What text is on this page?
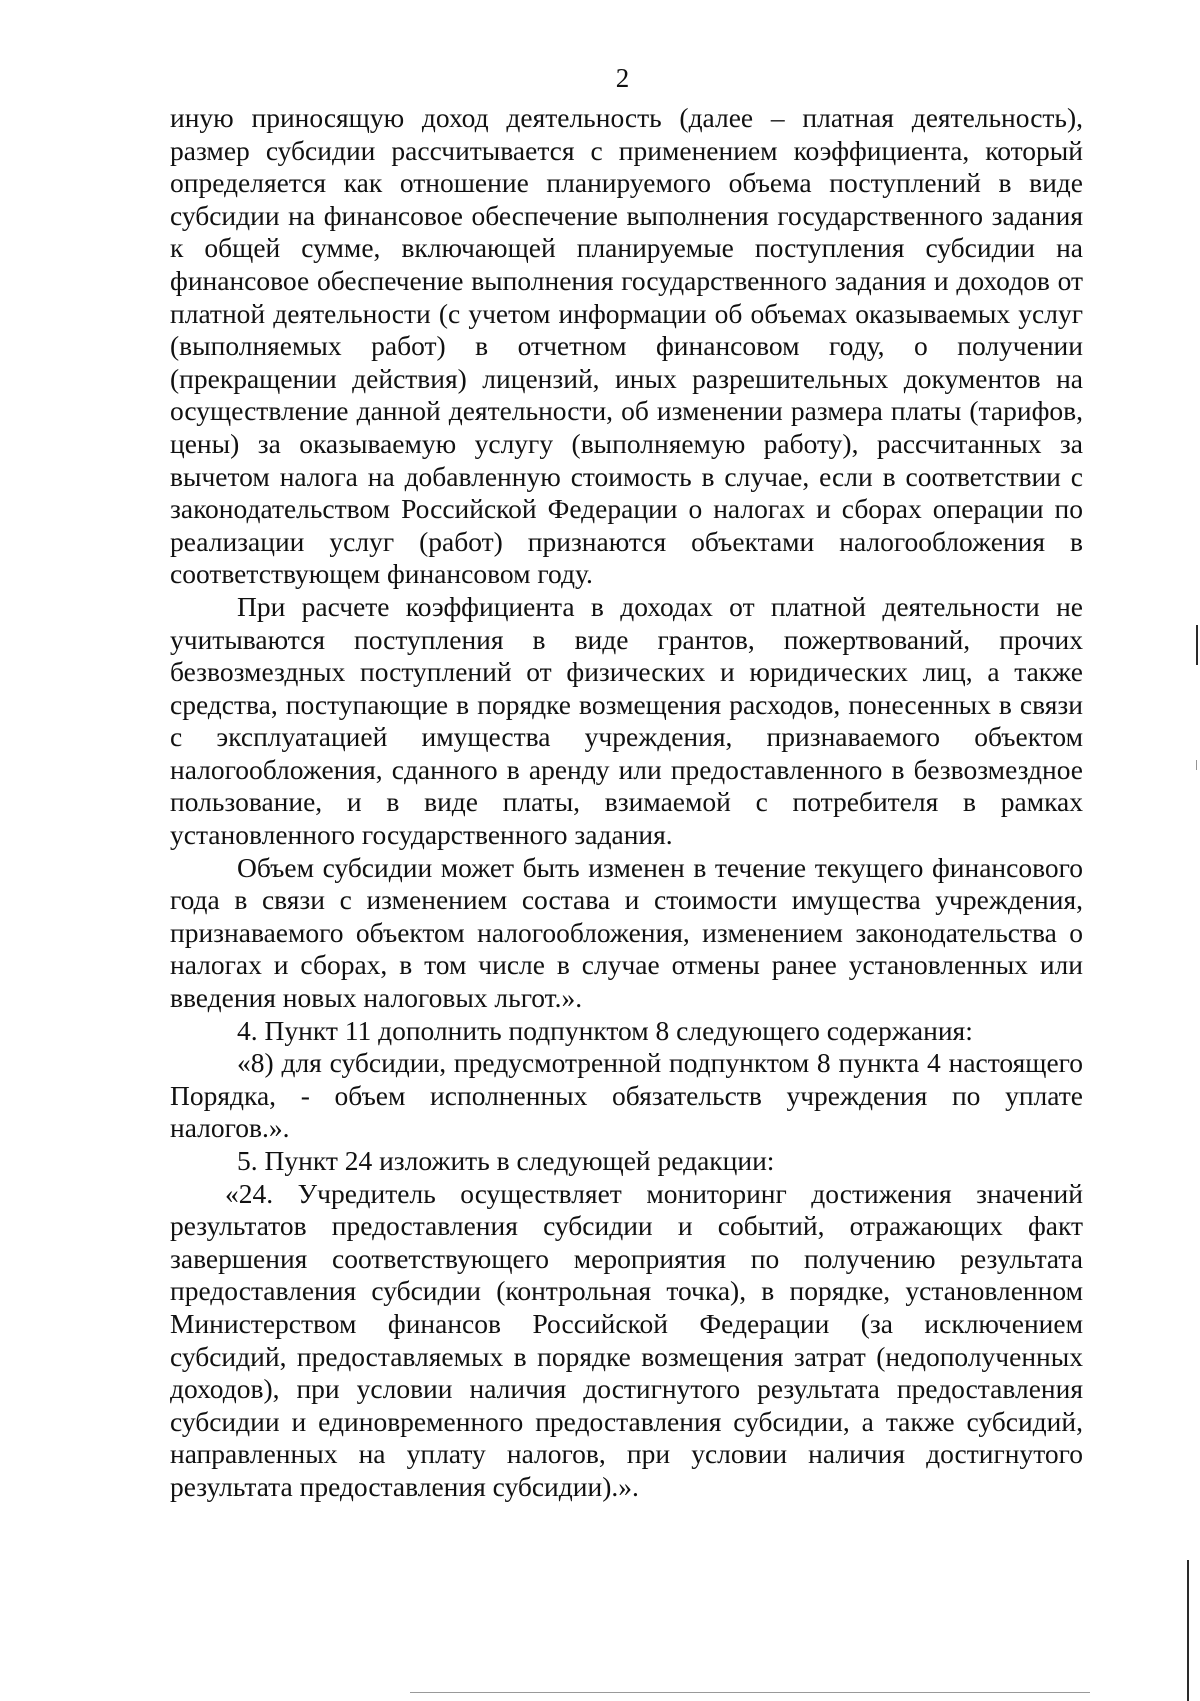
2

иную приносящую доход деятельность (далее – платная деятельность), размер субсидии рассчитывается с применением коэффициента, который определяется как отношение планируемого объема поступлений в виде субсидии на финансовое обеспечение выполнения государственного задания к общей сумме, включающей планируемые поступления субсидии на финансовое обеспечение выполнения государственного задания и доходов от платной деятельности (с учетом информации об объемах оказываемых услуг (выполняемых работ) в отчетном финансовом году, о получении (прекращении действия) лицензий, иных разрешительных документов на осуществление данной деятельности, об изменении размера платы (тарифов, цены) за оказываемую услугу (выполняемую работу), рассчитанных за вычетом налога на добавленную стоимость в случае, если в соответствии с законодательством Российской Федерации о налогах и сборах операции по реализации услуг (работ) признаются объектами налогообложения в соответствующем финансовом году.

При расчете коэффициента в доходах от платной деятельности не учитываются поступления в виде грантов, пожертвований, прочих безвозмездных поступлений от физических и юридических лиц, а также средства, поступающие в порядке возмещения расходов, понесенных в связи с эксплуатацией имущества учреждения, признаваемого объектом налогообложения, сданного в аренду или предоставленного в безвозмездное пользование, и в виде платы, взимаемой с потребителя в рамках установленного государственного задания.

Объем субсидии может быть изменен в течение текущего финансового года в связи с изменением состава и стоимости имущества учреждения, признаваемого объектом налогообложения, изменением законодательства о налогах и сборах, в том числе в случае отмены ранее установленных или введения новых налоговых льгот.».

4. Пункт 11 дополнить подпунктом 8 следующего содержания:

«8) для субсидии, предусмотренной подпунктом 8 пункта 4 настоящего Порядка, - объем исполненных обязательств учреждения по уплате налогов.».

5. Пункт 24 изложить в следующей редакции:

«24. Учредитель осуществляет мониторинг достижения значений результатов предоставления субсидии и событий, отражающих факт завершения соответствующего мероприятия по получению результата предоставления субсидии (контрольная точка), в порядке, установленном Министерством финансов Российской Федерации (за исключением субсидий, предоставляемых в порядке возмещения затрат (недополученных доходов), при условии наличия достигнутого результата предоставления субсидии и единовременного предоставления субсидии, а также субсидий, направленных на уплату налогов, при условии наличия достигнутого результата предоставления субсидии).».
